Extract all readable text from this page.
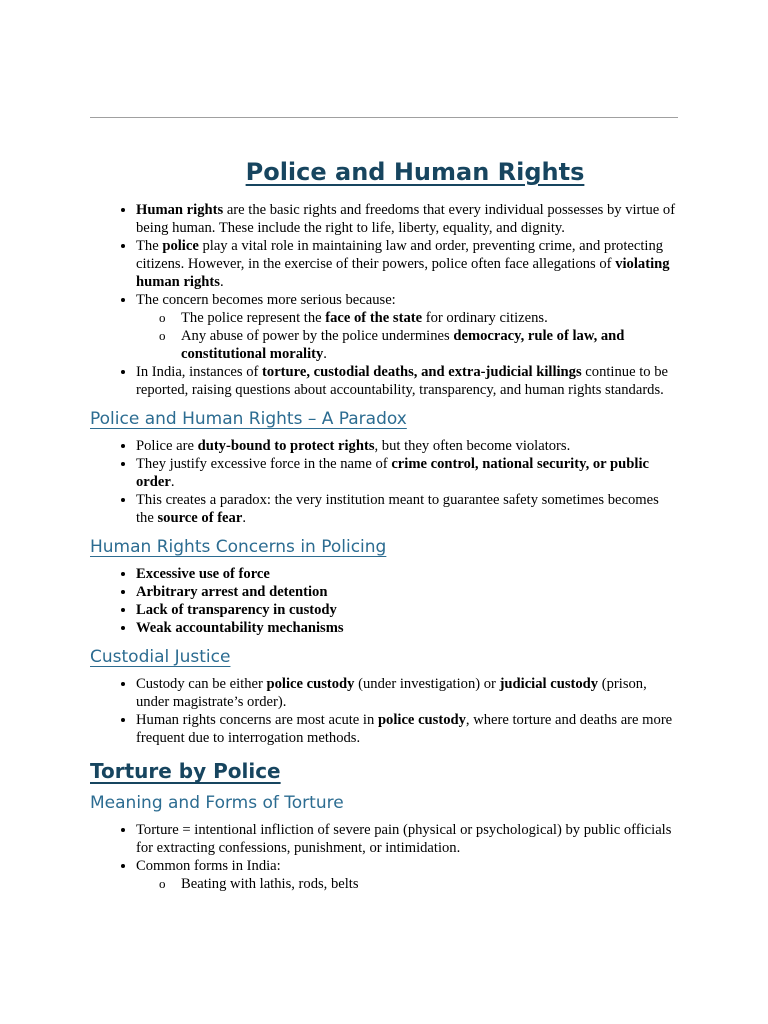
Police and Human Rights
• Human rights are the basic rights and freedoms that every individual possesses by virtue of being human. These include the right to life, liberty, equality, and dignity.
• The police play a vital role in maintaining law and order, preventing crime, and protecting citizens. However, in the exercise of their powers, police often face allegations of violating human rights.
• The concern becomes more serious because:
o The police represent the face of the state for ordinary citizens.
o Any abuse of power by the police undermines democracy, rule of law, and constitutional morality.
• In India, instances of torture, custodial deaths, and extra-judicial killings continue to be reported, raising questions about accountability, transparency, and human rights standards.
Police and Human Rights – A Paradox
• Police are duty-bound to protect rights, but they often become violators.
• They justify excessive force in the name of crime control, national security, or public order.
• This creates a paradox: the very institution meant to guarantee safety sometimes becomes the source of fear.
Human Rights Concerns in Policing
• Excessive use of force
• Arbitrary arrest and detention
• Lack of transparency in custody
• Weak accountability mechanisms
Custodial Justice
• Custody can be either police custody (under investigation) or judicial custody (prison, under magistrate’s order).
• Human rights concerns are most acute in police custody, where torture and deaths are more frequent due to interrogation methods.
Torture by Police
Meaning and Forms of Torture
• Torture = intentional infliction of severe pain (physical or psychological) by public officials for extracting confessions, punishment, or intimidation.
• Common forms in India:
o Beating with lathis, rods, belts
